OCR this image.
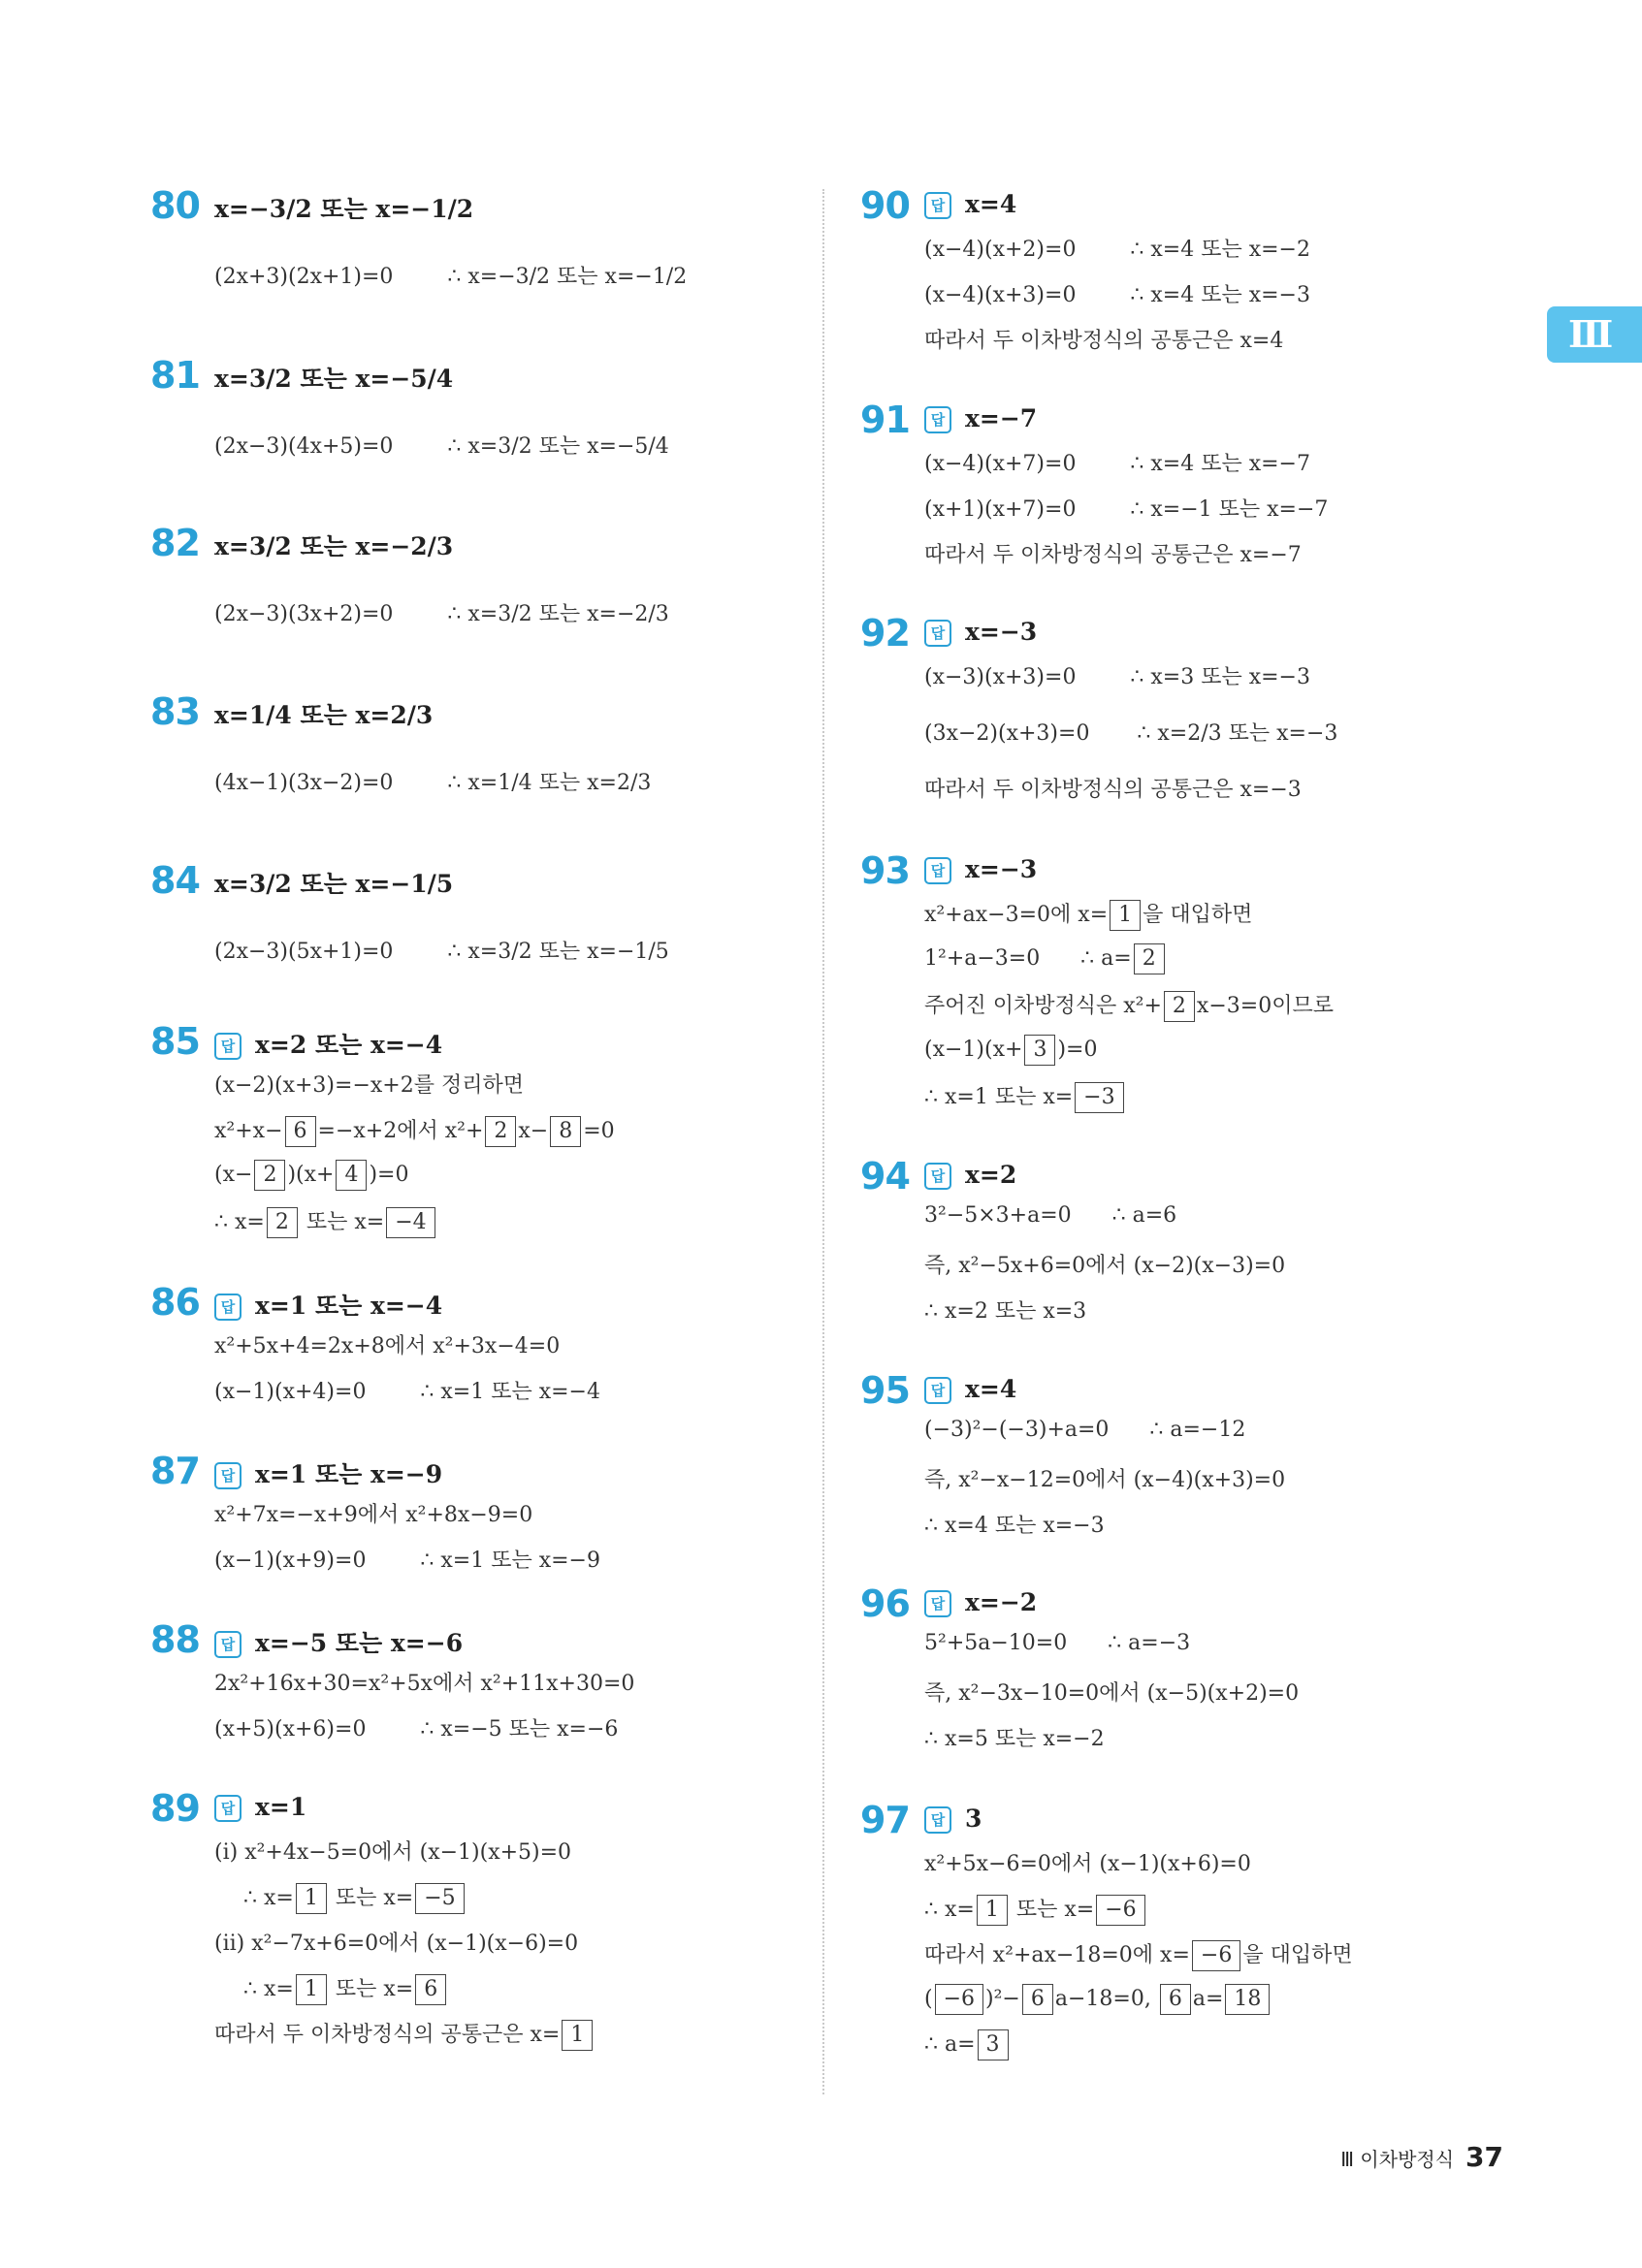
Ⅲ
80 x=−3/2 또는 x=−1/2
(2x+3)(2x+1)=0        ∴ x=−3/2 또는 x=−1/2
81 x=3/2 또는 x=−5/4
(2x−3)(4x+5)=0        ∴ x=3/2 또는 x=−5/4
82 x=3/2 또는 x=−2/3
(2x−3)(3x+2)=0        ∴ x=3/2 또는 x=−2/3
83 x=1/4 또는 x=2/3
(4x−1)(3x−2)=0        ∴ x=1/4 또는 x=2/3
84 x=3/2 또는 x=−1/5
(2x−3)(5x+1)=0        ∴ x=3/2 또는 x=−1/5
85	답 x=2 또는 x=−4
(x−2)(x+3)=−x+2를 정리하면
x²+x− 6 =−x+2에서 x²+ 2 x− 8 =0
(x− 2 )(x+ 4 )=0
∴ x= 2 또는 x= −4
86	답 x=1 또는 x=−4
x²+5x+4=2x+8에서 x²+3x−4=0
(x−1)(x+4)=0        ∴ x=1 또는 x=−4
87	답 x=1 또는 x=−9
x²+7x=−x+9에서 x²+8x−9=0
(x−1)(x+9)=0        ∴ x=1 또는 x=−9
88	답 x=−5 또는 x=−6
2x²+16x+30=x²+5x에서 x²+11x+30=0
(x+5)(x+6)=0        ∴ x=−5 또는 x=−6
89	답 x=1
(ⅰ) x²+4x−5=0에서 (x−1)(x+5)=0
∴ x= 1 또는 x= −5
(ⅱ) x²−7x+6=0에서 (x−1)(x−6)=0
∴ x= 1 또는 x= 6
따라서 두 이차방정식의 공통근은 x= 1
90	답 x=4
(x−4)(x+2)=0        ∴ x=4 또는 x=−2
(x−4)(x+3)=0        ∴ x=4 또는 x=−3
따라서 두 이차방정식의 공통근은 x=4
91	답 x=−7
(x−4)(x+7)=0        ∴ x=4 또는 x=−7
(x+1)(x+7)=0        ∴ x=−1 또는 x=−7
따라서 두 이차방정식의 공통근은 x=−7
92	답 x=−3
(x−3)(x+3)=0        ∴ x=3 또는 x=−3
(3x−2)(x+3)=0       ∴ x=2/3 또는 x=−3
따라서 두 이차방정식의 공통근은 x=−3
93	답 x=−3
x²+ax−3=0에 x= 1 을 대입하면
1²+a−3=0      ∴ a= 2
주어진 이차방정식은 x²+ 2 x−3=0이므로
(x−1)(x+ 3 )=0
∴ x=1 또는 x= −3
94	답 x=2
3²−5×3+a=0      ∴ a=6
즉, x²−5x+6=0에서 (x−2)(x−3)=0
∴ x=2 또는 x=3
95	답 x=4
(−3)²−(−3)+a=0      ∴ a=−12
즉, x²−x−12=0에서 (x−4)(x+3)=0
∴ x=4 또는 x=−3
96	답 x=−2
5²+5a−10=0      ∴ a=−3
즉, x²−3x−10=0에서 (x−5)(x+2)=0
∴ x=5 또는 x=−2
97	답 3
x²+5x−6=0에서 (x−1)(x+6)=0
∴ x= 1 또는 x= −6
따라서 x²+ax−18=0에 x= −6 을 대입하면
( −6 )²− 6 a−18=0, 6 a= 18
∴ a= 3
Ⅲ 이차방정식 37
